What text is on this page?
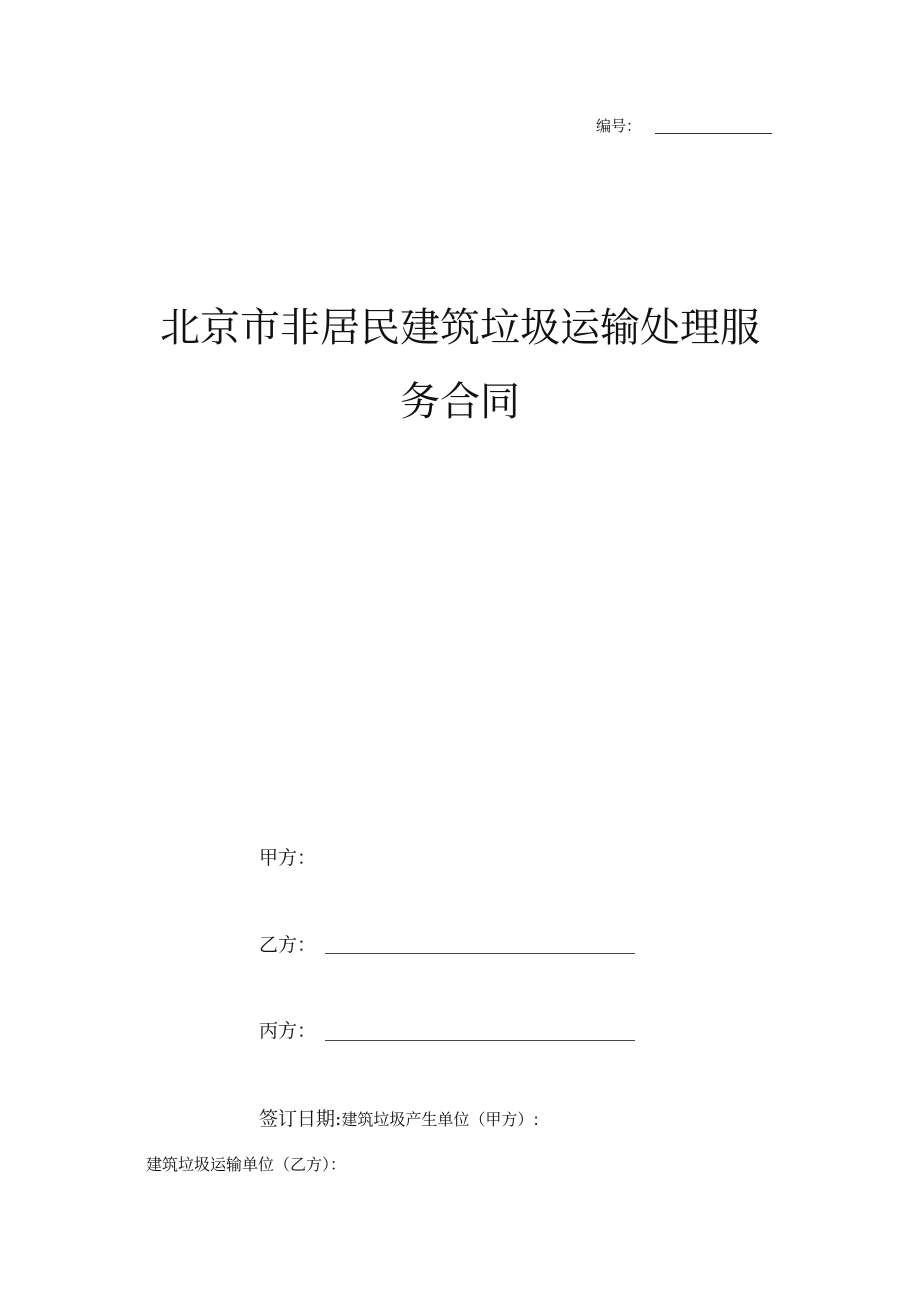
编号：
北京市非居民建筑垃圾运输处理服
务合同
甲方：
乙方：
丙方：
签订日期:建筑垃圾产生单位（甲方）:
建筑垃圾运输单位（乙方）：
